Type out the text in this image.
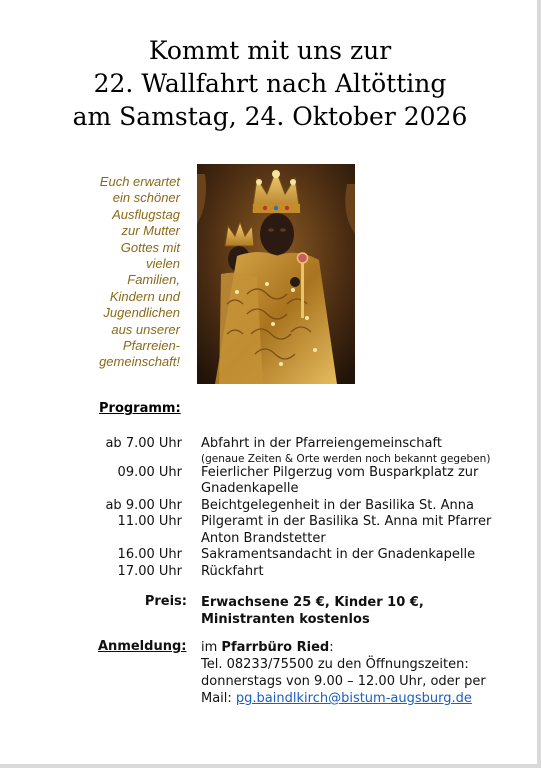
Kommt mit uns zur
22. Wallfahrt nach Altötting
am Samstag, 24. Oktober 2026
Euch erwartet
ein schöner
Ausflugstag
zur Mutter
Gottes mit
vielen
Familien,
Kindern und
Jugendlichen
aus unserer
Pfarreien-
gemeinschaft!
Programm:
ab 7.00 Uhr Abfahrt in der Pfarreiengemeinschaft
(genaue Zeiten & Orte werden noch bekannt gegeben)
09.00 Uhr Feierlicher Pilgerzug vom Busparkplatz zur
Gnadenkapelle
ab 9.00 Uhr Beichtgelegenheit in der Basilika St. Anna
11.00 Uhr Pilgeramt in der Basilika St. Anna mit Pfarrer
Anton Brandstetter
16.00 Uhr Sakramentsandacht in der Gnadenkapelle
17.00 Uhr Rückfahrt
Preis: Erwachsene 25 €, Kinder 10 €,
Ministranten kostenlos
Anmeldung: im Pfarrbüro Ried:
Tel. 08233/75500 zu den Öffnungszeiten:
donnerstags von 9.00 – 12.00 Uhr, oder per
Mail: pg.baindlkirch@bistum-augsburg.de
